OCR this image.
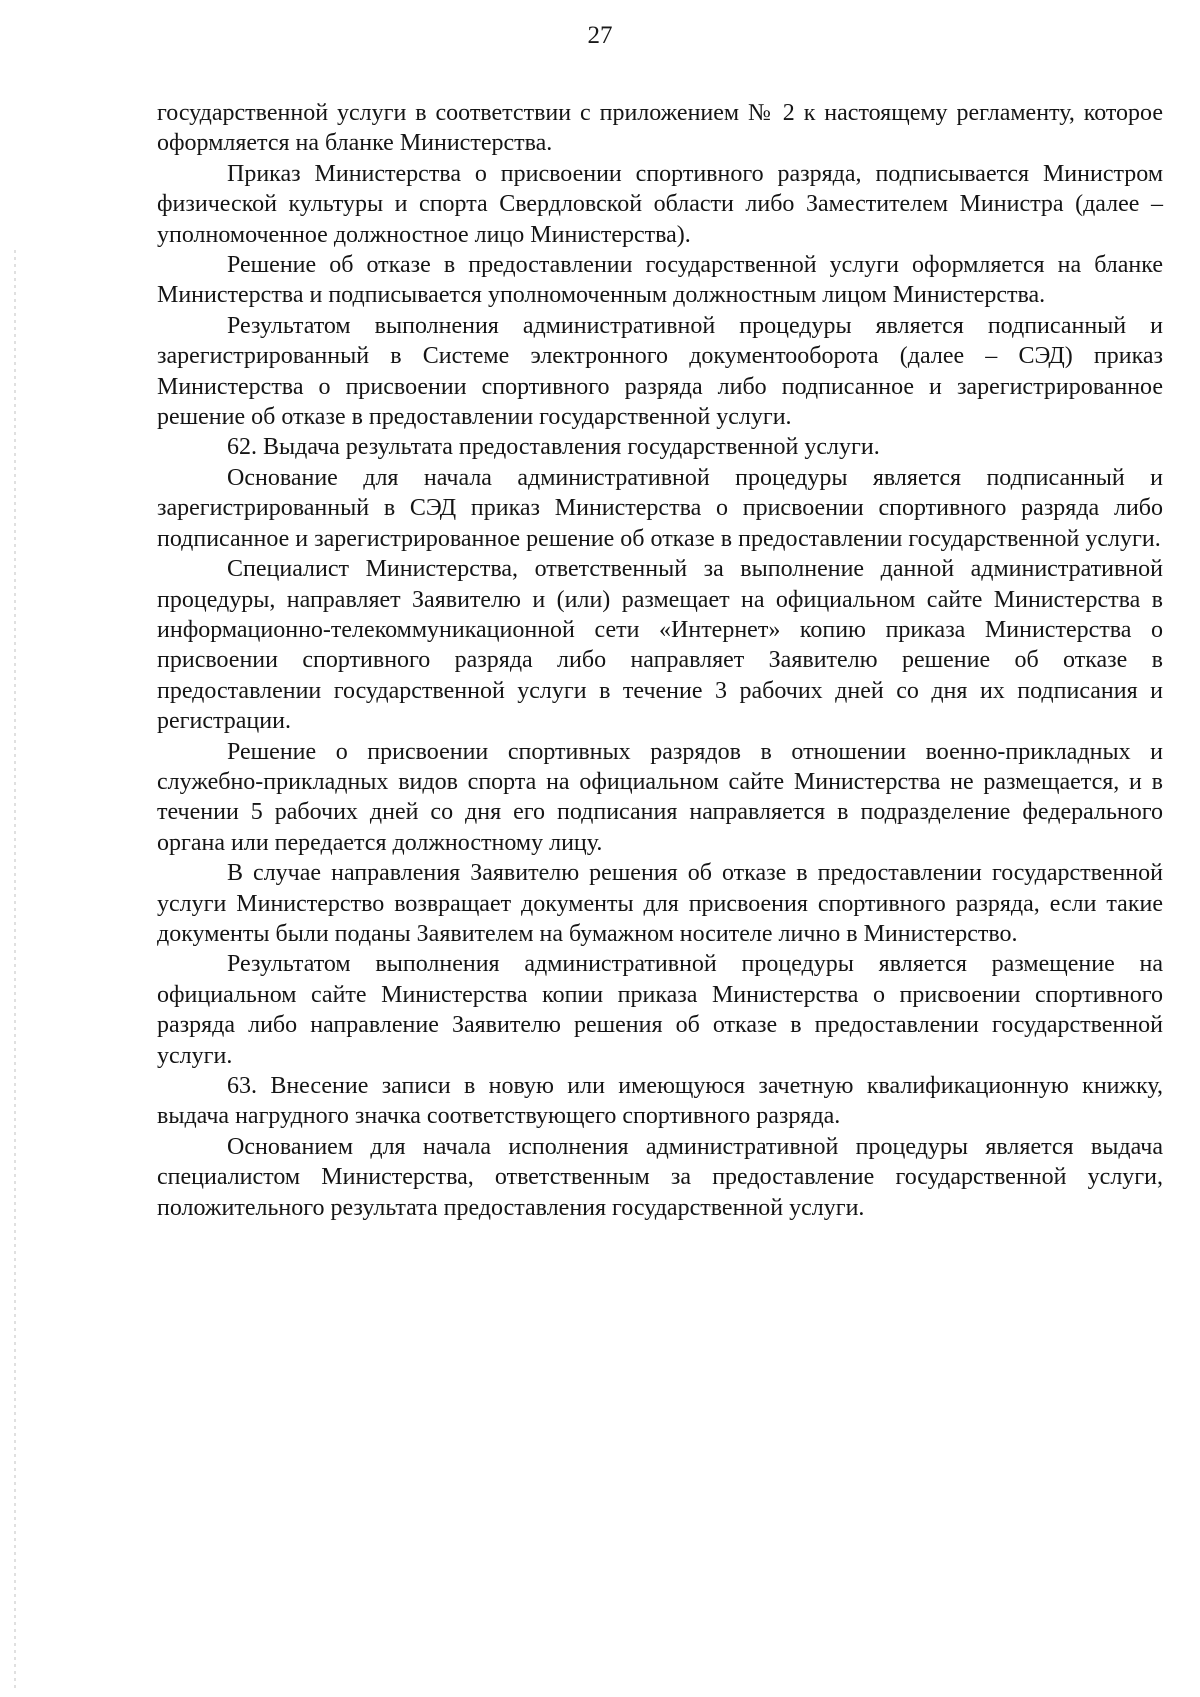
27

государственной услуги в соответствии с приложением № 2 к настоящему регламенту, которое оформляется на бланке Министерства.

Приказ Министерства о присвоении спортивного разряда, подписывается Министром физической культуры и спорта Свердловской области либо Заместителем Министра (далее – уполномоченное должностное лицо Министерства).

Решение об отказе в предоставлении государственной услуги оформляется на бланке Министерства и подписывается уполномоченным должностным лицом Министерства.

Результатом выполнения административной процедуры является подписанный и зарегистрированный в Системе электронного документооборота (далее – СЭД) приказ Министерства о присвоении спортивного разряда либо подписанное и зарегистрированное решение об отказе в предоставлении государственной услуги.

62. Выдача результата предоставления государственной услуги.

Основание для начала административной процедуры является подписанный и зарегистрированный в СЭД приказ Министерства о присвоении спортивного разряда либо подписанное и зарегистрированное решение об отказе в предоставлении государственной услуги.

Специалист Министерства, ответственный за выполнение данной административной процедуры, направляет Заявителю и (или) размещает на официальном сайте Министерства в информационно-телекоммуникационной сети «Интернет» копию приказа Министерства о присвоении спортивного разряда либо направляет Заявителю решение об отказе в предоставлении государственной услуги в течение 3 рабочих дней со дня их подписания и регистрации.

Решение о присвоении спортивных разрядов в отношении военно-прикладных и служебно-прикладных видов спорта на официальном сайте Министерства не размещается, и в течении 5 рабочих дней со дня его подписания направляется в подразделение федерального органа или передается должностному лицу.

В случае направления Заявителю решения об отказе в предоставлении государственной услуги Министерство возвращает документы для присвоения спортивного разряда, если такие документы были поданы Заявителем на бумажном носителе лично в Министерство.

Результатом выполнения административной процедуры является размещение на официальном сайте Министерства копии приказа Министерства о присвоении спортивного разряда либо направление Заявителю решения об отказе в предоставлении государственной услуги.

63. Внесение записи в новую или имеющуюся зачетную квалификационную книжку, выдача нагрудного значка соответствующего спортивного разряда.

Основанием для начала исполнения административной процедуры является выдача специалистом Министерства, ответственным за предоставление государственной услуги, положительного результата предоставления государственной услуги.
